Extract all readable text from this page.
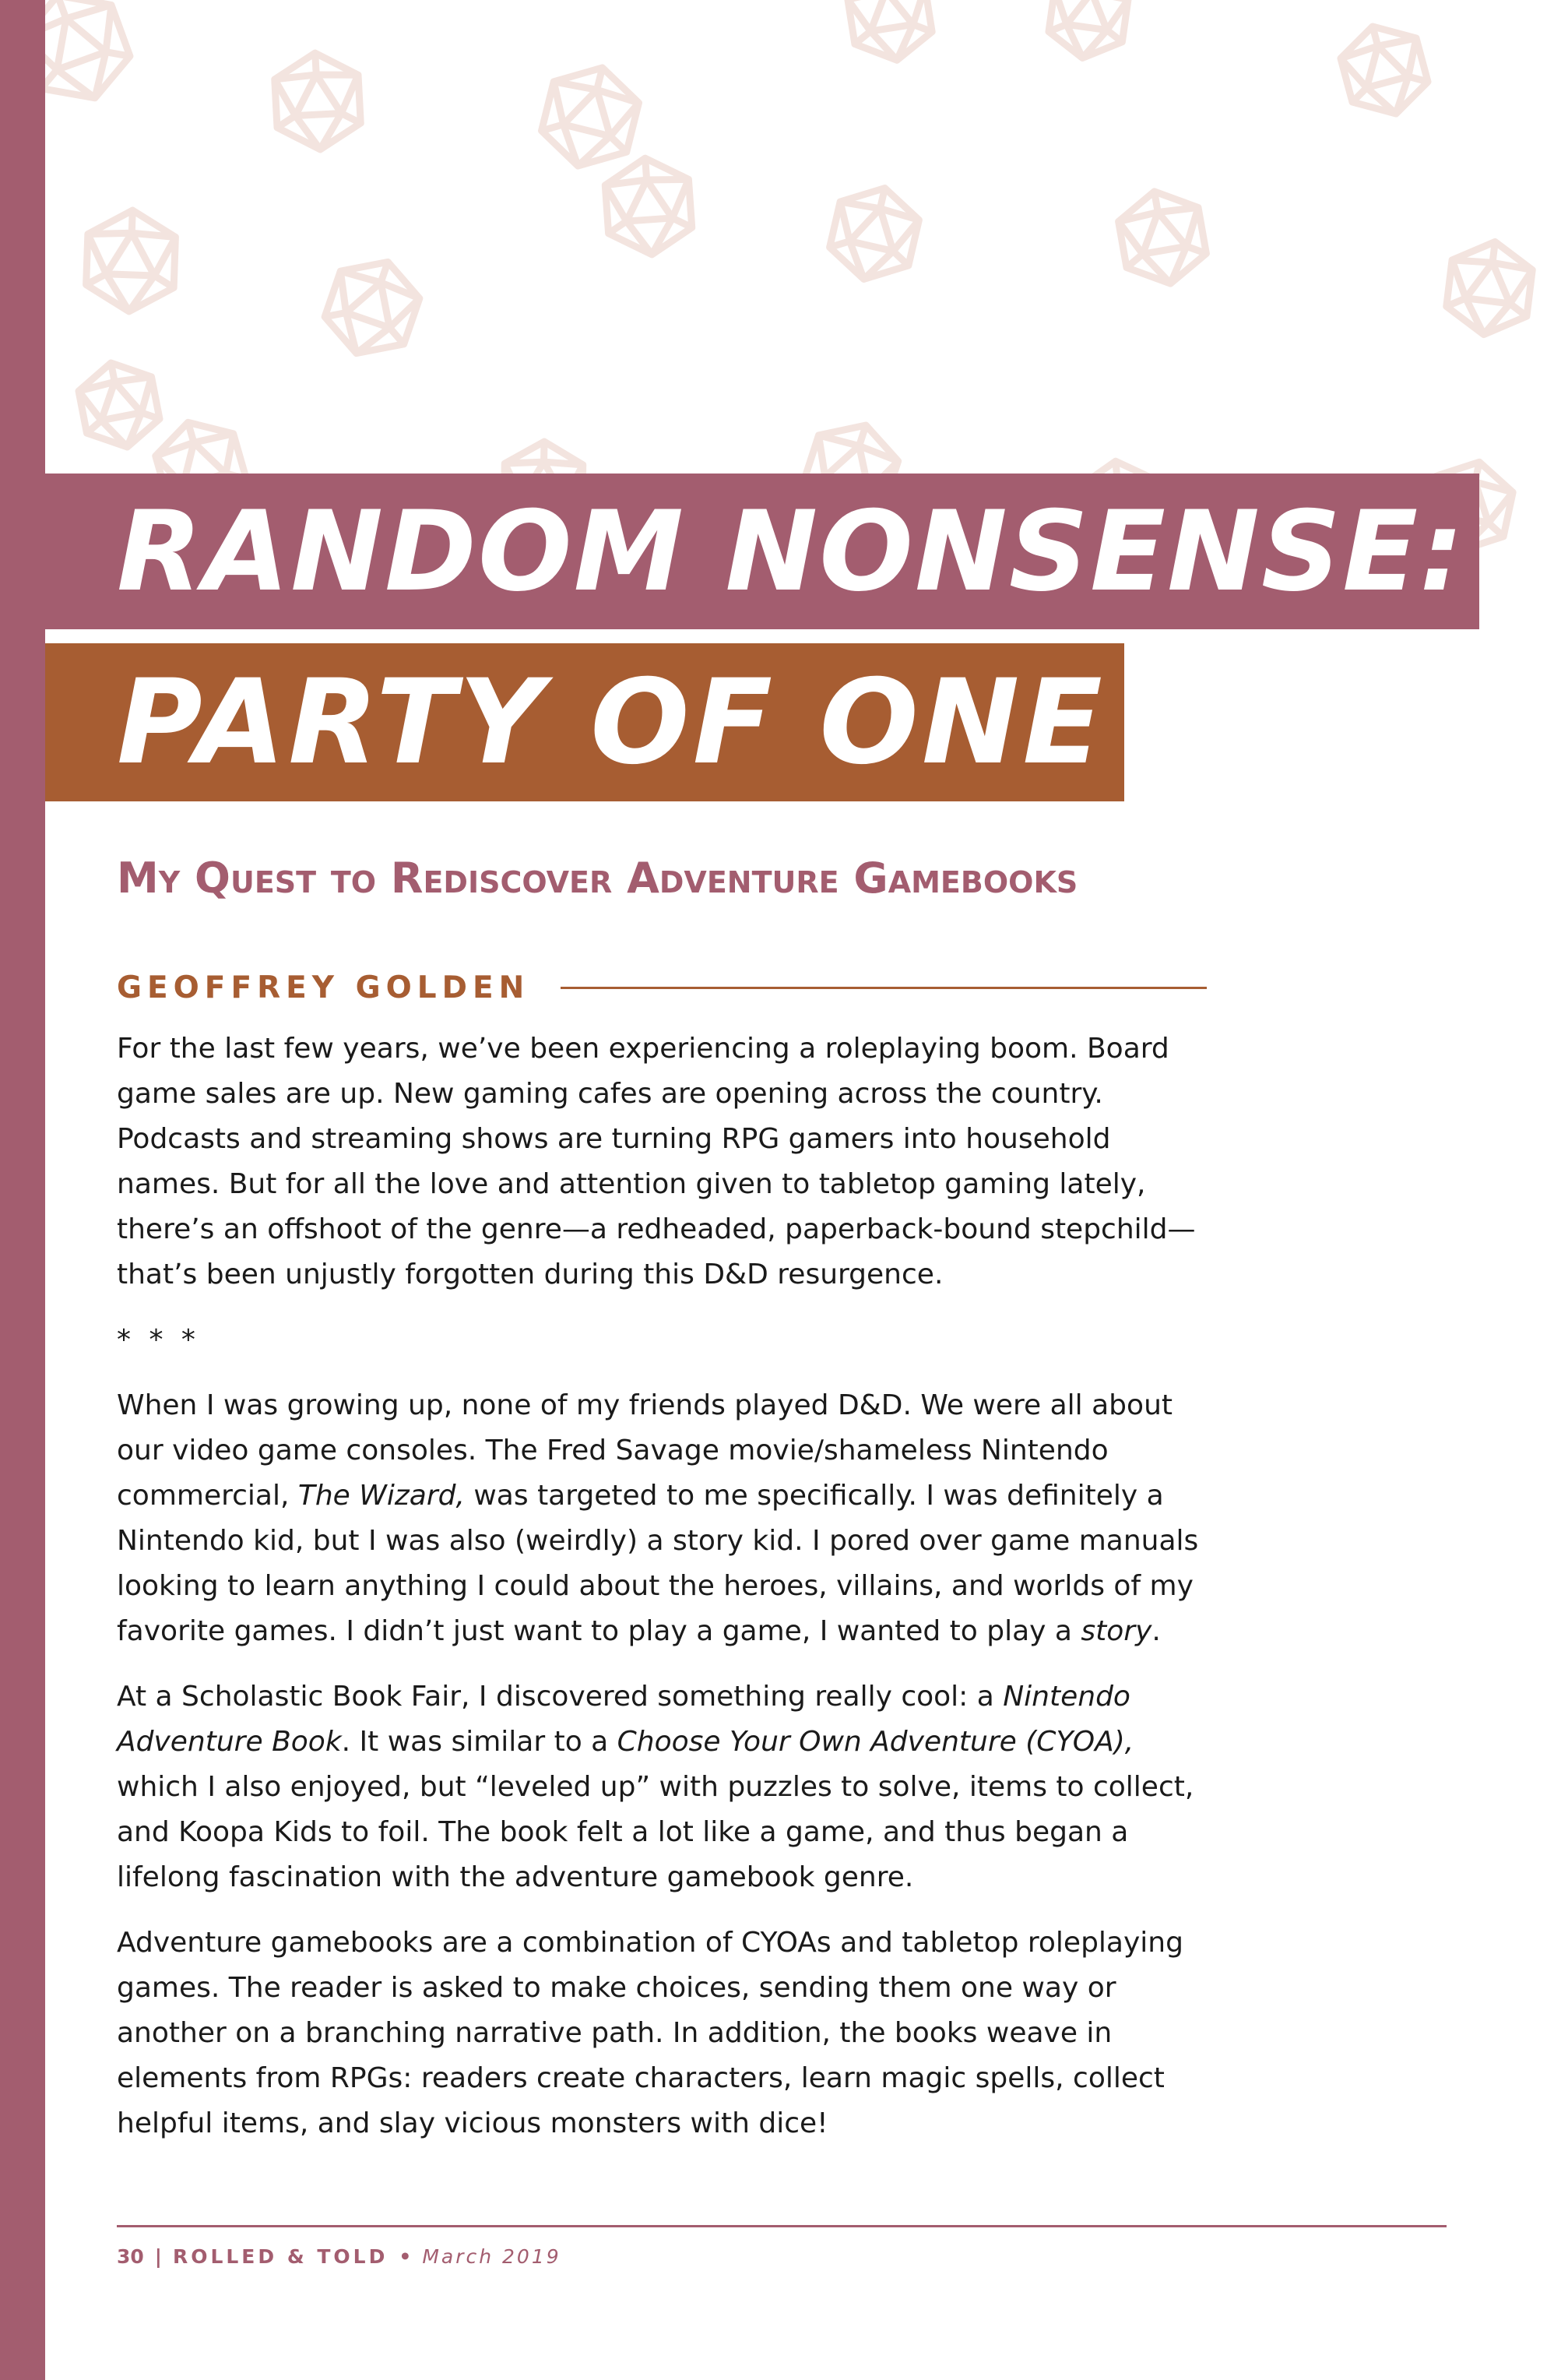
RANDOM NONSENSE:
PARTY OF ONE
My Quest to Rediscover Adventure Gamebooks
GEOFFREY GOLDEN

For the last few years, we’ve been experiencing a roleplaying boom. Board game sales are up. New gaming cafes are opening across the country. Podcasts and streaming shows are turning RPG gamers into household names. But for all the love and attention given to tabletop gaming lately, there’s an offshoot of the genre—a redheaded, paperback-bound stepchild—that’s been unjustly forgotten during this D&D resurgence.

* * *

When I was growing up, none of my friends played D&D. We were all about our video game consoles. The Fred Savage movie/shameless Nintendo commercial, The Wizard, was targeted to me specifically. I was definitely a Nintendo kid, but I was also (weirdly) a story kid. I pored over game manuals looking to learn anything I could about the heroes, villains, and worlds of my favorite games. I didn’t just want to play a game, I wanted to play a story.

At a Scholastic Book Fair, I discovered something really cool: a Nintendo Adventure Book. It was similar to a Choose Your Own Adventure (CYOA), which I also enjoyed, but “leveled up” with puzzles to solve, items to collect, and Koopa Kids to foil. The book felt a lot like a game, and thus began a lifelong fascination with the adventure gamebook genre.

Adventure gamebooks are a combination of CYOAs and tabletop roleplaying games. The reader is asked to make choices, sending them one way or another on a branching narrative path. In addition, the books weave in elements from RPGs: readers create characters, learn magic spells, collect helpful items, and slay vicious monsters with dice!

30 | ROLLED & TOLD • March 2019
